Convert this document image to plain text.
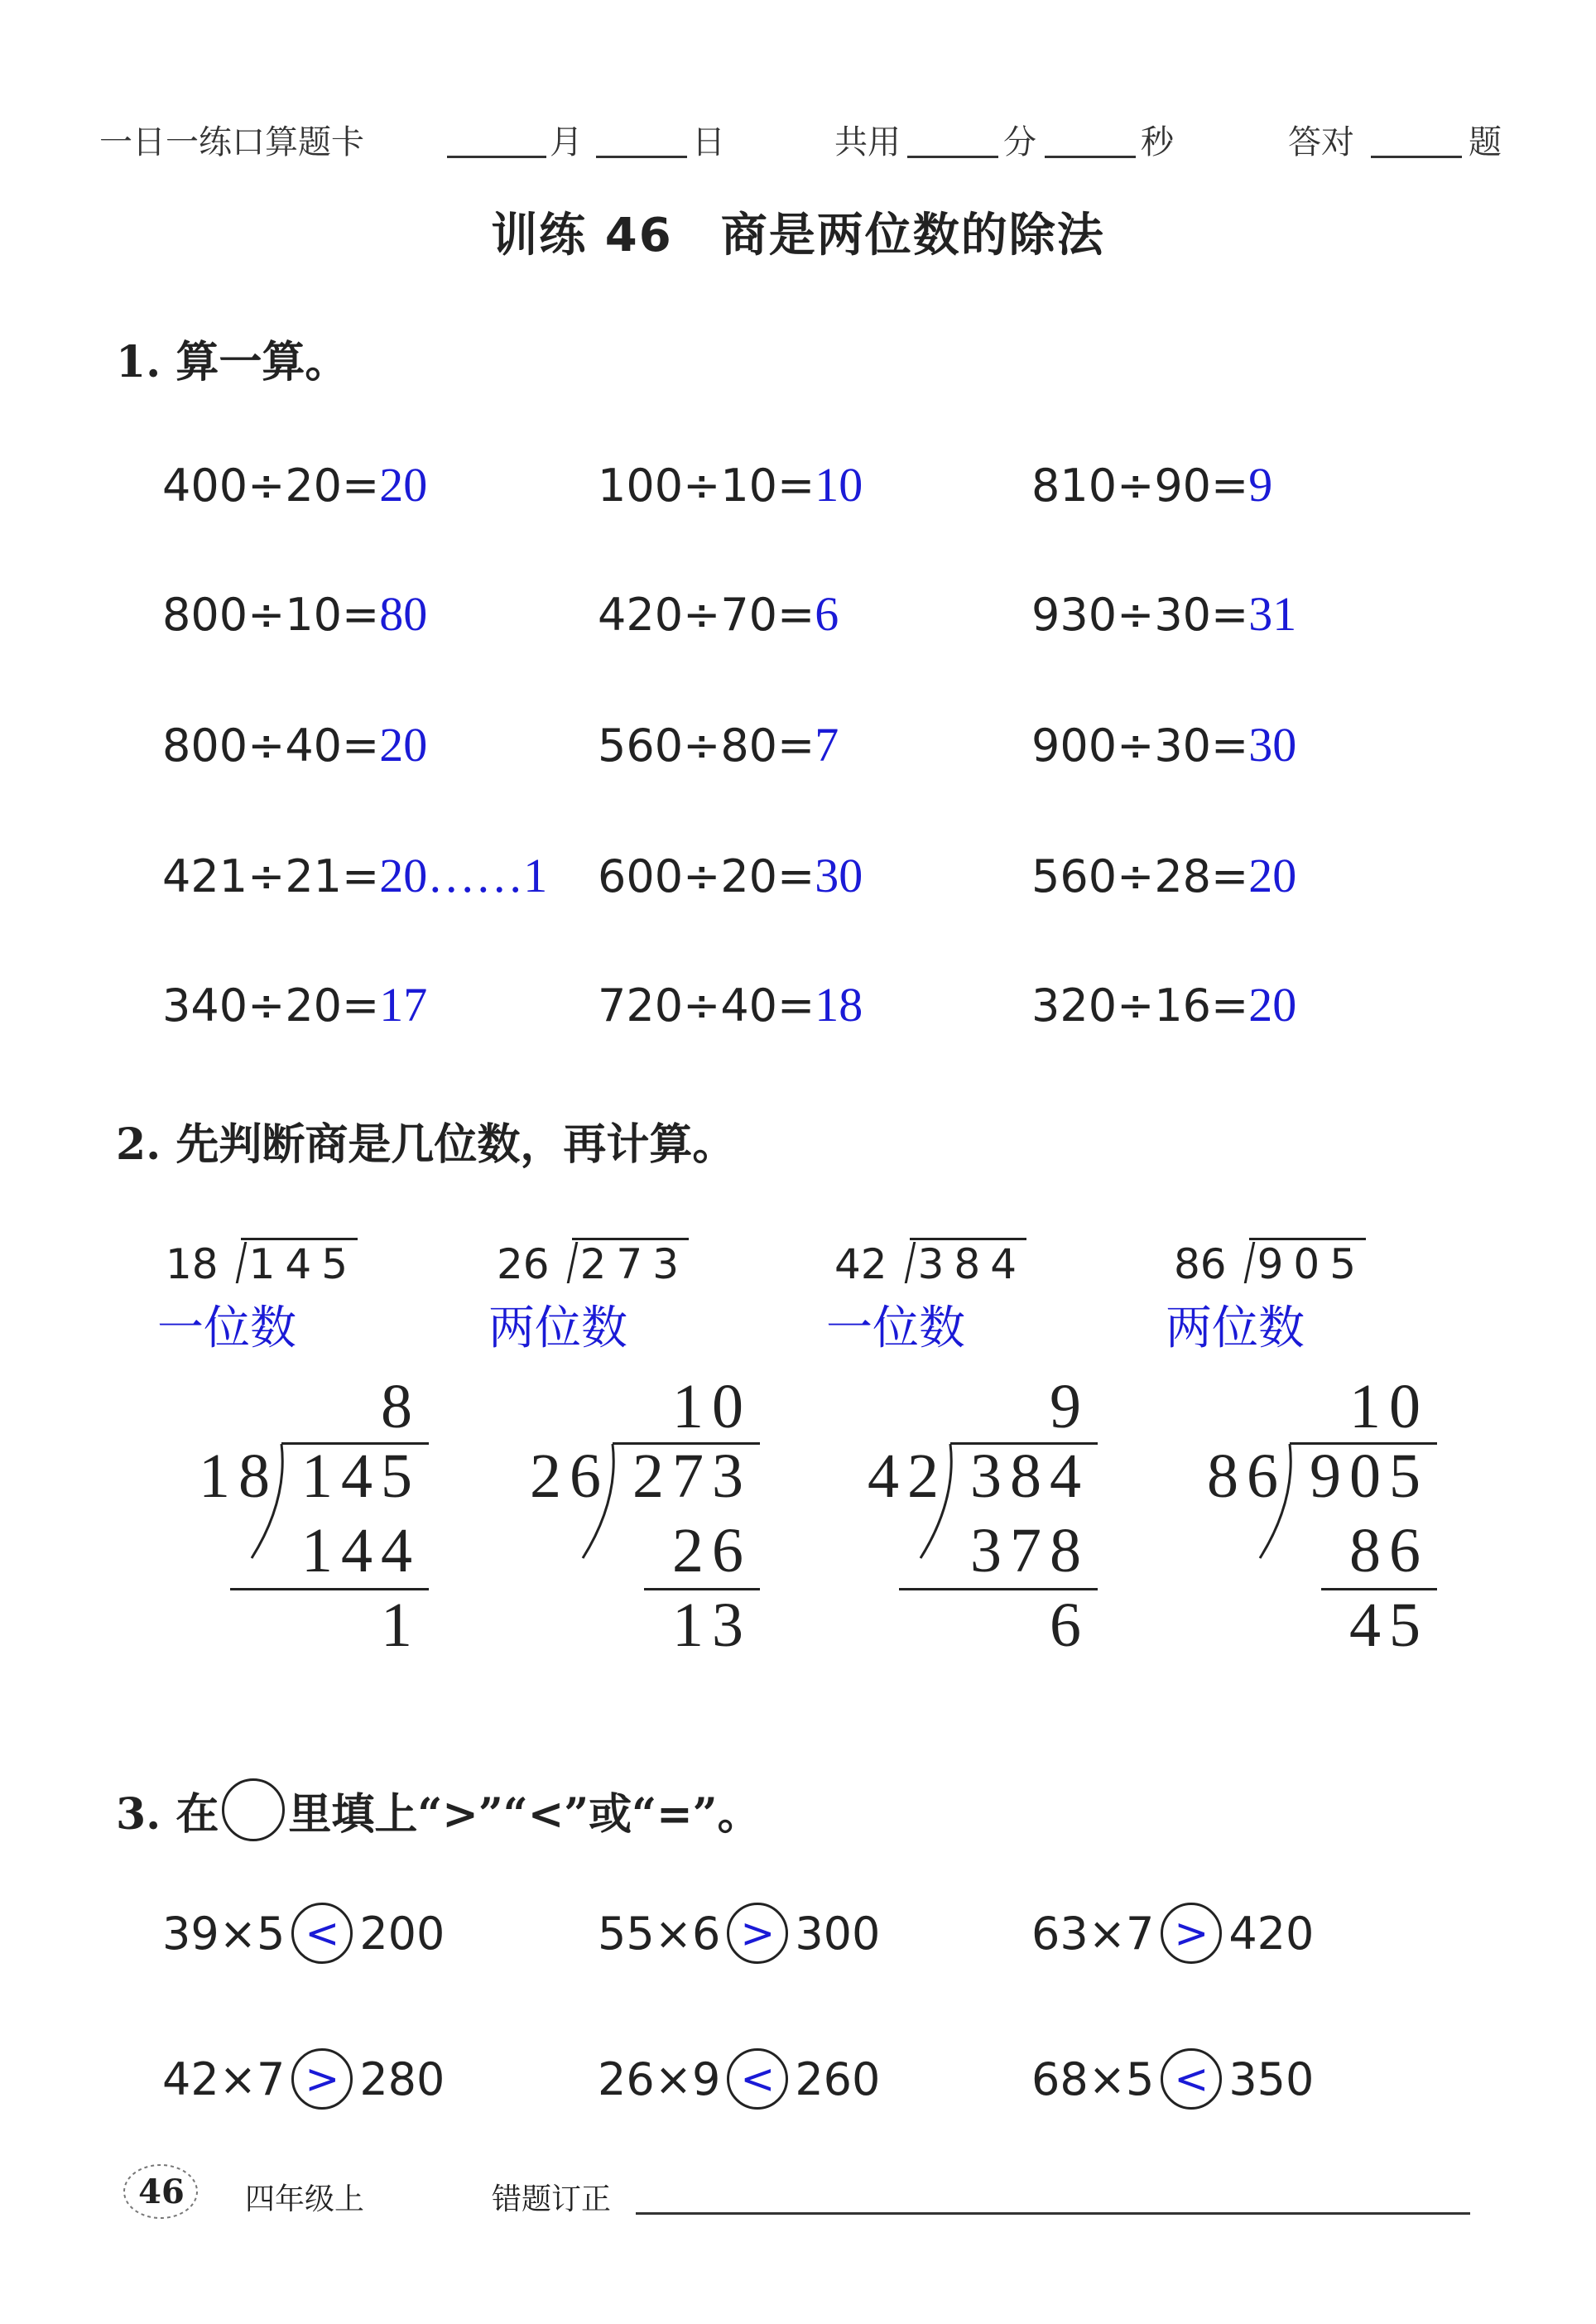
一日一练口算题卡	月	日	共用	分	秒	答对	题
训练 46　商是两位数的除法
1. 算一算。
400÷20=20	100÷10=10	810÷90=9
800÷10=80	420÷70=6	930÷30=31
800÷40=20	560÷80=7	900÷30=30
421÷21=20……1 600÷20=30	560÷28=20
340÷20=17	720÷40=18	320÷16=20
2. 先判断商是几位数，再计算。
18 145
一位数
8
145
144
1
18
26 273
两位数
10
273
26
13
26
42 384
一位数
9
384
378
6
42
86 905
两位数
10
905
86
45
86
3. 在 里填上“>”“<”或“=”。
39×5 < 200	55×6 > 300	63×7 > 420
42×7 > 280	26×9 < 260	68×5 < 350
46 四年级上	错题订正
